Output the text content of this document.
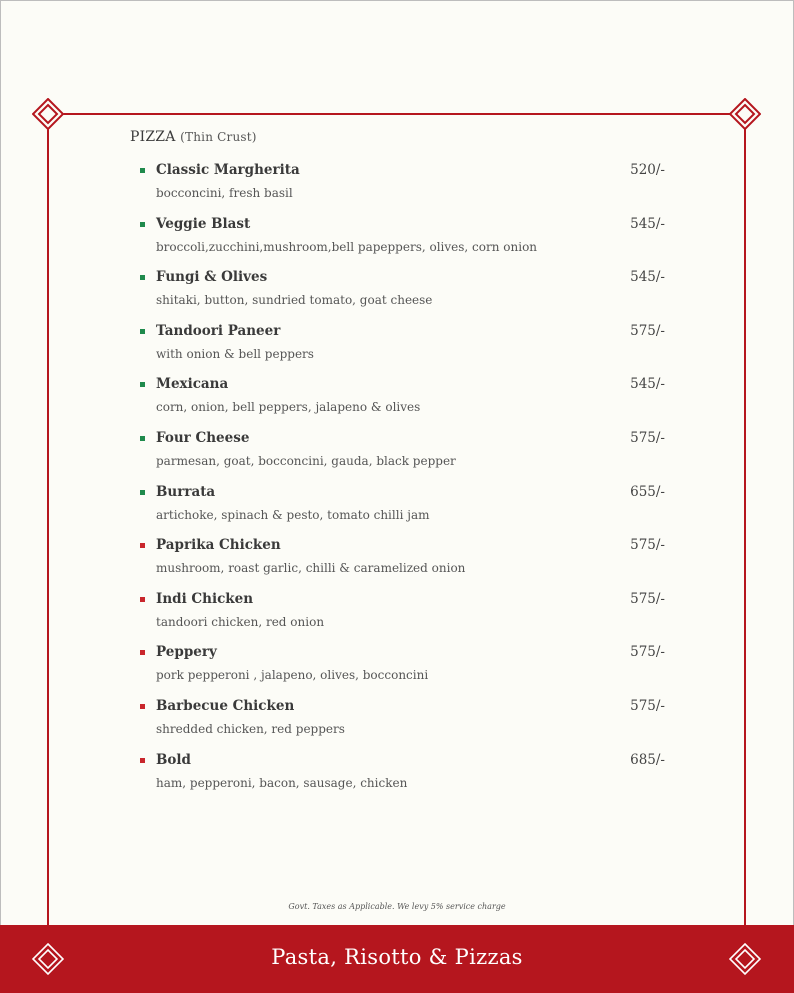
PIZZA (Thin Crust)
Classic Margherita	520/-
bocconcini, fresh basil
Veggie Blast	545/-
broccoli,zucchini,mushroom,bell papeppers, olives, corn onion
Fungi & Olives	545/-
shitaki, button, sundried tomato, goat cheese
Tandoori Paneer	575/-
with onion & bell peppers
Mexicana	545/-
corn, onion, bell peppers, jalapeno & olives
Four Cheese	575/-
parmesan, goat, bocconcini, gauda, black pepper
Burrata	655/-
artichoke, spinach & pesto, tomato chilli jam
Paprika Chicken	575/-
mushroom, roast garlic, chilli & caramelized onion
Indi Chicken	575/-
tandoori chicken, red onion
Peppery	575/-
pork pepperoni , jalapeno, olives, bocconcini
Barbecue Chicken	575/-
shredded chicken, red peppers
Bold	685/-
ham, pepperoni, bacon, sausage, chicken
Govt. Taxes as Applicable. We levy 5% service charge
Pasta, Risotto & Pizzas
